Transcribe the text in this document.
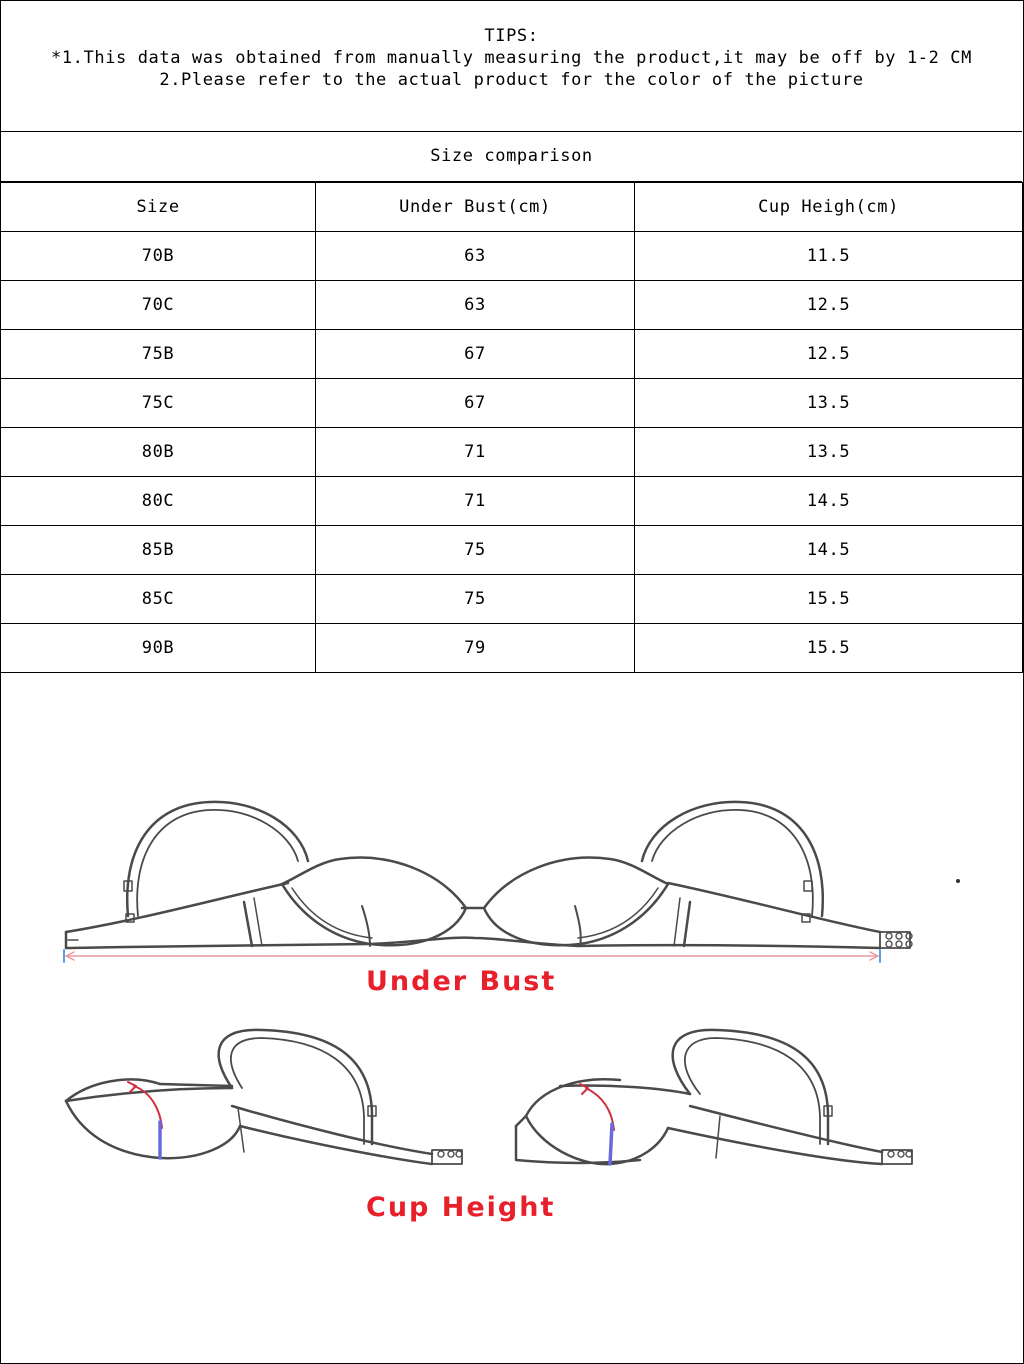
TIPS:
*1.This data was obtained from manually measuring the product,it may be off by 1-2 CM
2.Please refer to the actual product for the color of the picture
Size comparison
Size	Under Bust(cm)	Cup Heigh(cm)
70B	63	11.5
70C	63	12.5
75B	67	12.5
75C	67	13.5
80B	71	13.5
80C	71	14.5
85B	75	14.5
85C	75	15.5
90B	79	15.5
Under Bust
Cup Height
